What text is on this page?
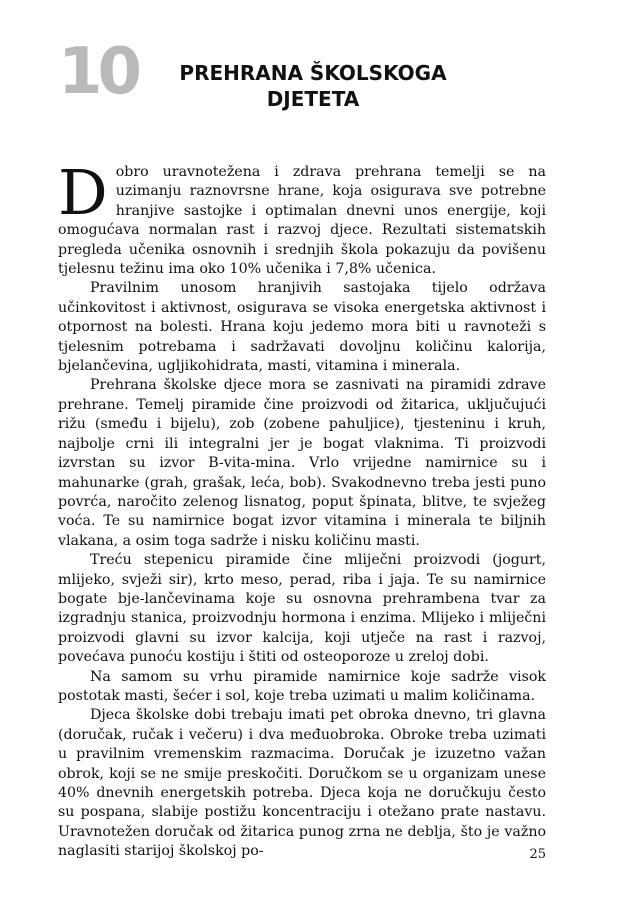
10	PREHRANA ŠKOLSKOGA DJETETA

Dobro uravnotežena i zdrava prehrana temelji se na uzimanju raznovrsne hrane, koja osigurava sve potrebne hranjive sastojke i optimalan dnevni unos energije, koji omogućava normalan rast i razvoj djece. Rezultati sistematskih pregleda učenika osnovnih i srednjih škola pokazuju da povišenu tjelesnu težinu ima oko 10% učenika i 7,8% učenica.

Pravilnim unosom hranjivih sastojaka tijelo održava učinkovitost i aktivnost, osigurava se visoka energetska aktivnost i otpornost na bolesti. Hrana koju jedemo mora biti u ravnoteži s tjelesnim potrebama i sadržavati dovoljnu količinu kalorija, bjelančevina, ugljikohidrata, masti, vitamina i minerala.

Prehrana školske djece mora se zasnivati na piramidi zdrave prehrane. Temelj piramide čine proizvodi od žitarica, uključujući rižu (smeđu i bijelu), zob (zobene pahuljice), tjesteninu i kruh, najbolje crni ili integralni jer je bogat vlaknima. Ti proizvodi izvrstan su izvor B-vita-mina. Vrlo vrijedne namirnice su i mahunarke (grah, grašak, leća, bob). Svakodnevno treba jesti puno povrća, naročito zelenog lisnatog, poput špinata, blitve, te svježeg voća. Te su namirnice bogat izvor vitamina i minerala te biljnih vlakana, a osim toga sadrže i nisku količinu masti.

Treću stepenicu piramide čine mliječni proizvodi (jogurt, mlijeko, svježi sir), krto meso, perad, riba i jaja. Te su namirnice bogate bje-lančevinama koje su osnovna prehrambena tvar za izgradnju stanica, proizvodnju hormona i enzima. Mlijeko i mliječni proizvodi glavni su izvor kalcija, koji utječe na rast i razvoj, povećava punoću kostiju i štiti od osteoporoze u zreloj dobi.

Na samom su vrhu piramide namirnice koje sadrže visok postotak masti, šećer i sol, koje treba uzimati u malim količinama.

Djeca školske dobi trebaju imati pet obroka dnevno, tri glavna (doručak, ručak i večeru) i dva međuobroka. Obroke treba uzimati u pravilnim vremenskim razmacima. Doručak je izuzetno važan obrok, koji se ne smije preskočiti. Doručkom se u organizam unese 40% dnevnih energetskih potreba. Djeca koja ne doručkuju često su pospana, slabije postižu koncentraciju i otežano prate nastavu. Uravnotežen doručak od žitarica punog zrna ne deblja, što je važno naglasiti starijoj školskoj po-	25
